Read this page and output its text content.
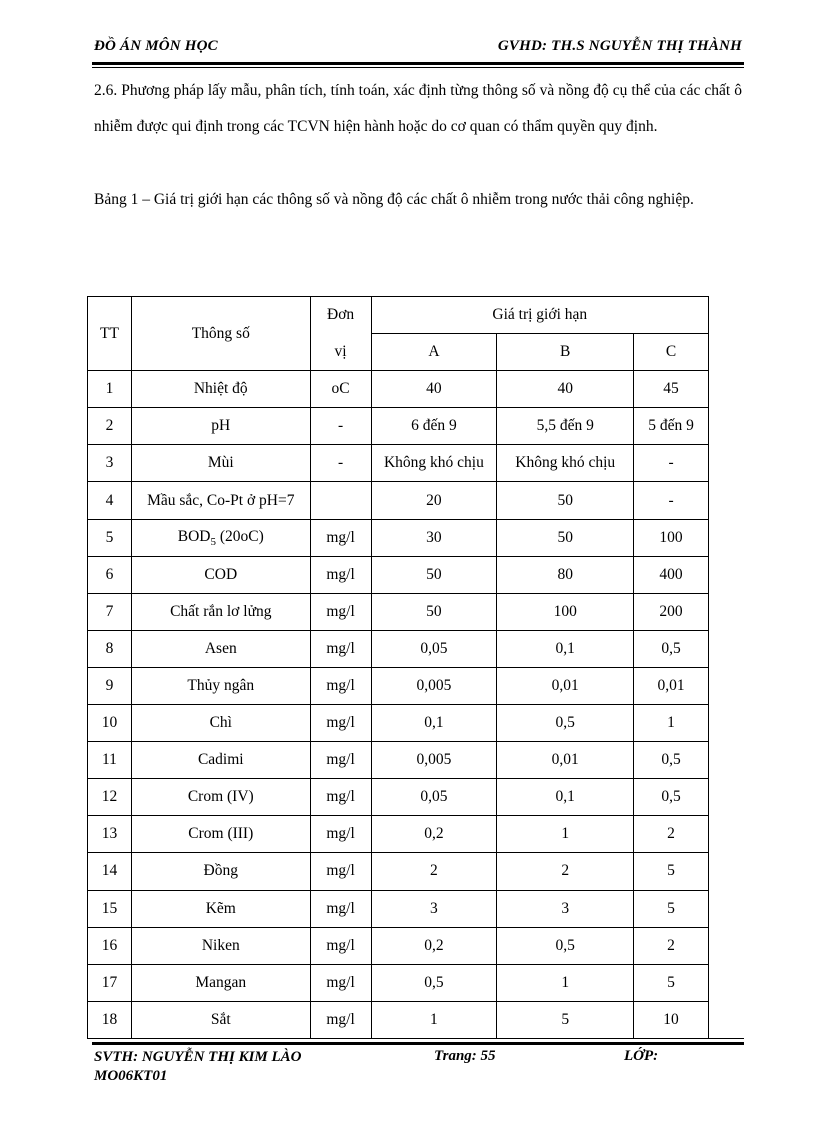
ĐỒ ÁN MÔN HỌC	GVHD: TH.S NGUYỄN THỊ THÀNH
2.6. Phương pháp lấy mẫu, phân tích, tính toán, xác định từng thông số và nồng độ cụ thể của các chất ô nhiễm được qui định trong các TCVN hiện hành hoặc do cơ quan có thẩm quyền quy định.
Bảng 1 – Giá trị giới hạn các thông số và nồng độ các chất ô nhiễm trong nước thải công nghiệp.
TT	Thông số	Đơn	Giá trị giới hạn		
		vị	A	B	C
1	Nhiệt độ	oC	40	40	45
2	pH	-	6 đến 9	5,5 đến 9	5 đến 9
3	Mùi	-	Không khó chịu	Không khó chịu	-
4	Mầu sắc, Co-Pt ở pH=7		20	50	-
5	$BOD_5$ (20oC)	mg/l	30	50	100
6	COD	mg/l	50	80	400
7	Chất rắn lơ lửng	mg/l	50	100	200
8	Asen	mg/l	0,05	0,1	0,5
9	Thủy ngân	mg/l	0,005	0,01	0,01
10	Chì	mg/l	0,1	0,5	1
11	Cadimi	mg/l	0,005	0,01	0,5
12	Crom (IV)	mg/l	0,05	0,1	0,5
13	Crom (III)	mg/l	0,2	1	2
14	Đồng	mg/l	2	2	5
15	Kẽm	mg/l	3	3	5
16	Niken	mg/l	0,2	0,5	2
17	Mangan	mg/l	0,5	1	5
18	Sắt	mg/l	1	5	10
SVTH: NGUYỄN THỊ KIM LÀO MO06KT01
Trang: 55	LỚP:
